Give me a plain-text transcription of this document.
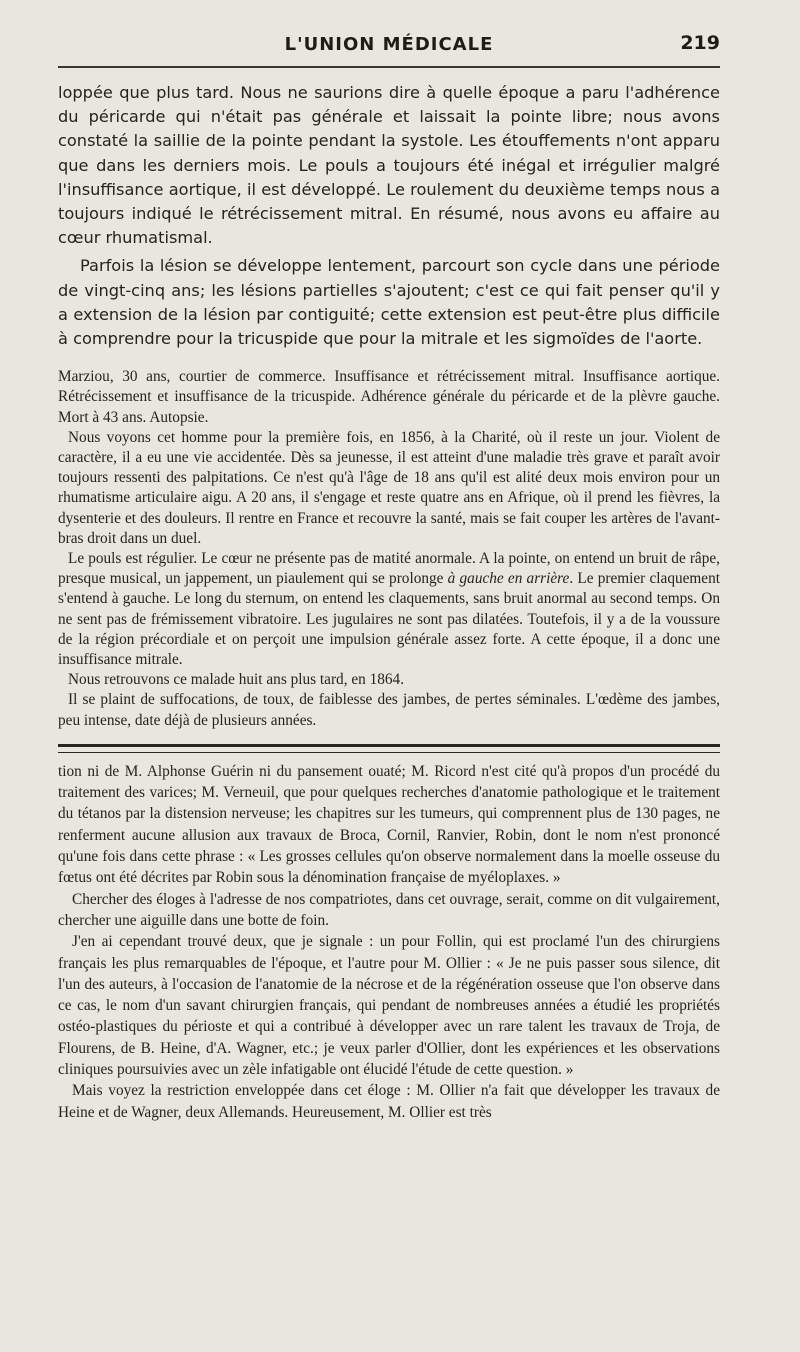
L'UNION MÉDICALE	219

loppée que plus tard. Nous ne saurions dire à quelle époque a paru l'adhérence du péricarde qui n'était pas générale et laissait la pointe libre; nous avons constaté la saillie de la pointe pendant la systole. Les étouffements n'ont apparu que dans les derniers mois. Le pouls a toujours été inégal et irrégulier malgré l'insuffisance aortique, il est développé. Le roulement du deuxième temps nous a toujours indiqué le rétrécissement mitral. En résumé, nous avons eu affaire au cœur rhumatismal.

Parfois la lésion se développe lentement, parcourt son cycle dans une période de vingt-cinq ans; les lésions partielles s'ajoutent; c'est ce qui fait penser qu'il y a extension de la lésion par contiguité; cette extension est peut-être plus difficile à comprendre pour la tricuspide que pour la mitrale et les sigmoïdes de l'aorte.

Marziou, 30 ans, courtier de commerce. Insuffisance et rétrécissement mitral. Insuffisance aortique. Rétrécissement et insuffisance de la tricuspide. Adhérence générale du péricarde et de la plèvre gauche. Mort à 43 ans. Autopsie.

Nous voyons cet homme pour la première fois, en 1856, à la Charité, où il reste un jour. Violent de caractère, il a eu une vie accidentée. Dès sa jeunesse, il est atteint d'une maladie très grave et paraît avoir toujours ressenti des palpitations. Ce n'est qu'à l'âge de 18 ans qu'il est alité deux mois environ pour un rhumatisme articulaire aigu. A 20 ans, il s'engage et reste quatre ans en Afrique, où il prend les fièvres, la dysenterie et des douleurs. Il rentre en France et recouvre la santé, mais se fait couper les artères de l'avant-bras droit dans un duel.

Le pouls est régulier. Le cœur ne présente pas de matité anormale. A la pointe, on entend un bruit de râpe, presque musical, un jappement, un piaulement qui se prolonge à gauche en arrière. Le premier claquement s'entend à gauche. Le long du sternum, on entend les claquements, sans bruit anormal au second temps. On ne sent pas de frémissement vibratoire. Les jugulaires ne sont pas dilatées. Toutefois, il y a de la voussure de la région précordiale et on perçoit une impulsion générale assez forte. A cette époque, il a donc une insuffisance mitrale.

Nous retrouvons ce malade huit ans plus tard, en 1864.

Il se plaint de suffocations, de toux, de faiblesse des jambes, de pertes séminales. L'œdème des jambes, peu intense, date déjà de plusieurs années.

tion ni de M. Alphonse Guérin ni du pansement ouaté; M. Ricord n'est cité qu'à propos d'un procédé du traitement des varices; M. Verneuil, que pour quelques recherches d'anatomie pathologique et le traitement du tétanos par la distension nerveuse; les chapitres sur les tumeurs, qui comprennent plus de 130 pages, ne renferment aucune allusion aux travaux de Broca, Cornil, Ranvier, Robin, dont le nom n'est prononcé qu'une fois dans cette phrase : « Les grosses cellules qu'on observe normalement dans la moelle osseuse du fœtus ont été décrites par Robin sous la dénomination française de myéloplaxes. »

Chercher des éloges à l'adresse de nos compatriotes, dans cet ouvrage, serait, comme on dit vulgairement, chercher une aiguille dans une botte de foin.

J'en ai cependant trouvé deux, que je signale : un pour Follin, qui est proclamé l'un des chirurgiens français les plus remarquables de l'époque, et l'autre pour M. Ollier : « Je ne puis passer sous silence, dit l'un des auteurs, à l'occasion de l'anatomie de la nécrose et de la régénération osseuse que l'on observe dans ce cas, le nom d'un savant chirurgien français, qui pendant de nombreuses années a étudié les propriétés ostéo-plastiques du périoste et qui a contribué à développer avec un rare talent les travaux de Troja, de Flourens, de B. Heine, d'A. Wagner, etc.; je veux parler d'Ollier, dont les expériences et les observations cliniques poursuivies avec un zèle infatigable ont élucidé l'étude de cette question. »

Mais voyez la restriction enveloppée dans cet éloge : M. Ollier n'a fait que développer les travaux de Heine et de Wagner, deux Allemands. Heureusement, M. Ollier est très
